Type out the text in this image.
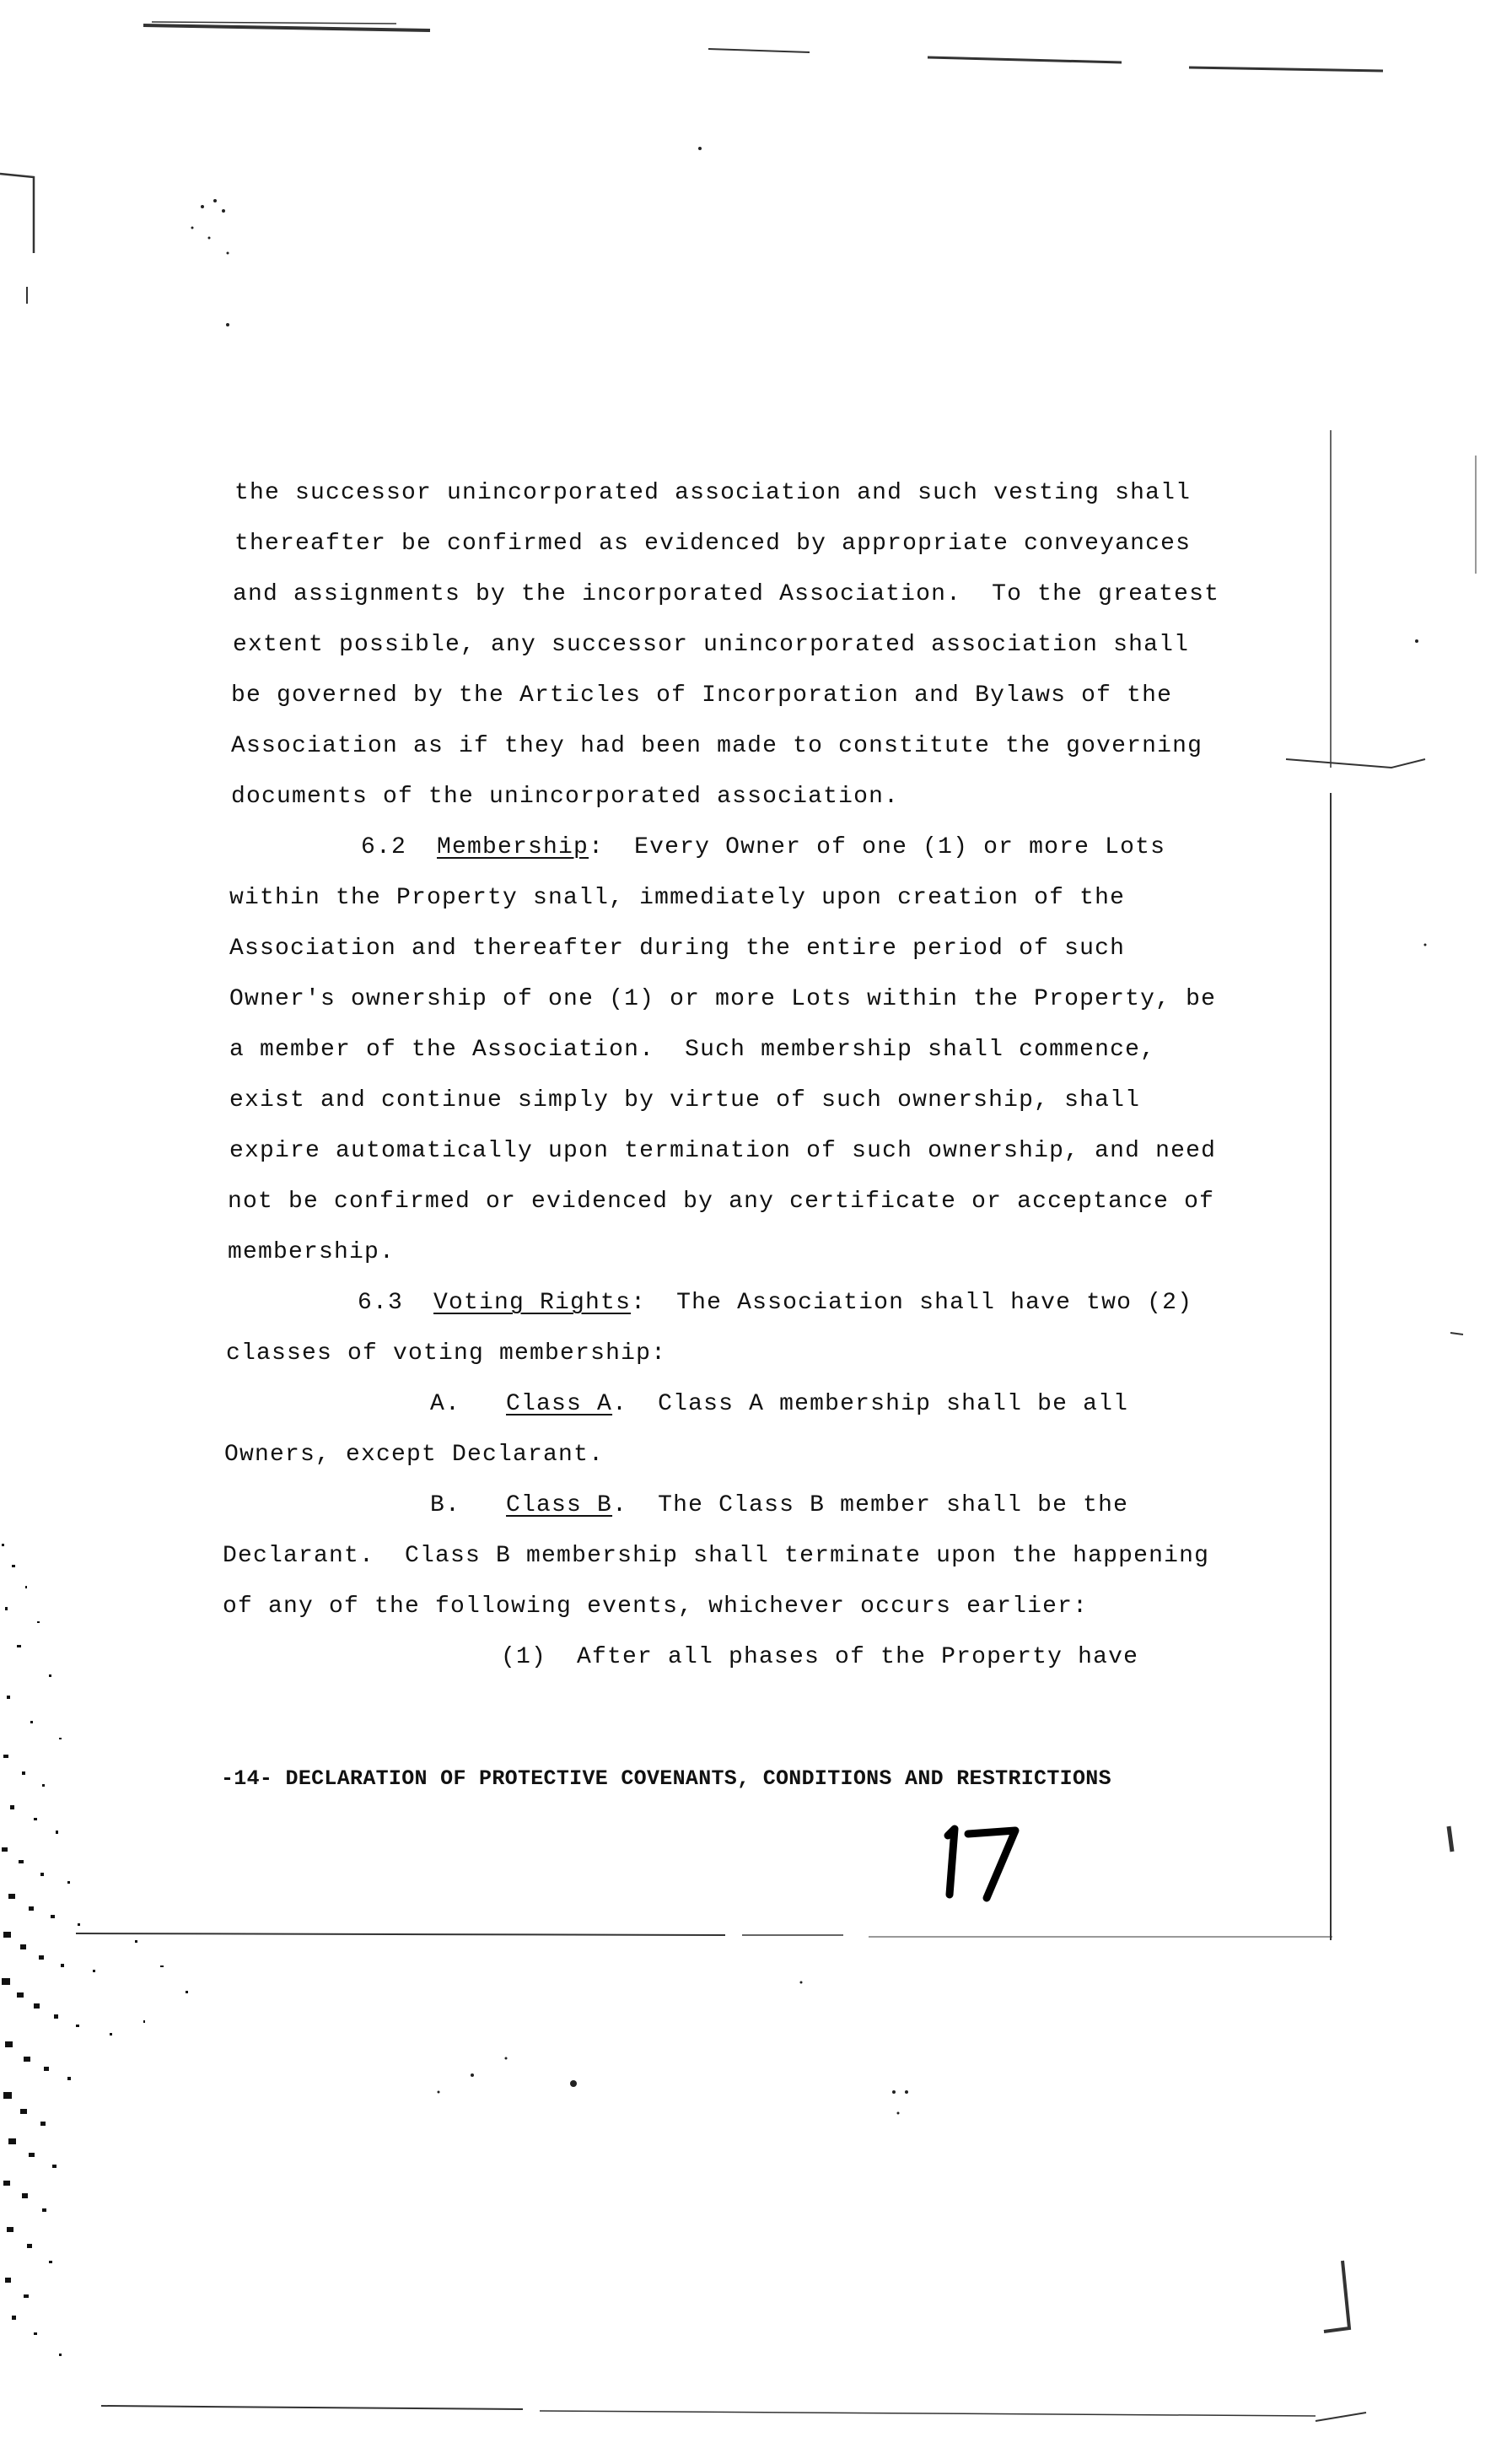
the successor unincorporated association and such vesting shall
thereafter be confirmed as evidenced by appropriate conveyances
and assignments by the incorporated Association.  To the greatest
extent possible, any successor unincorporated association shall
be governed by the Articles of Incorporation and Bylaws of the
Association as if they had been made to constitute the governing
documents of the unincorporated association.
6.2 Membership:  Every Owner of one (1) or more Lots
within the Property snall, immediately upon creation of the
Association and thereafter during the entire period of such
Owner's ownership of one (1) or more Lots within the Property, be
a member of the Association.  Such membership shall commence,
exist and continue simply by virtue of such ownership, shall
expire automatically upon termination of such ownership, and need
not be confirmed or evidenced by any certificate or acceptance of
membership.
6.3 Voting Rights:  The Association shall have two (2)
classes of voting membership:
A. Class A.  Class A membership shall be all
Owners, except Declarant.
B. Class B.  The Class B member shall be the
Declarant.  Class B membership shall terminate upon the happening
of any of the following events, whichever occurs earlier:
(1)  After all phases of the Property have
-14- DECLARATION OF PROTECTIVE COVENANTS, CONDITIONS AND RESTRICTIONS
